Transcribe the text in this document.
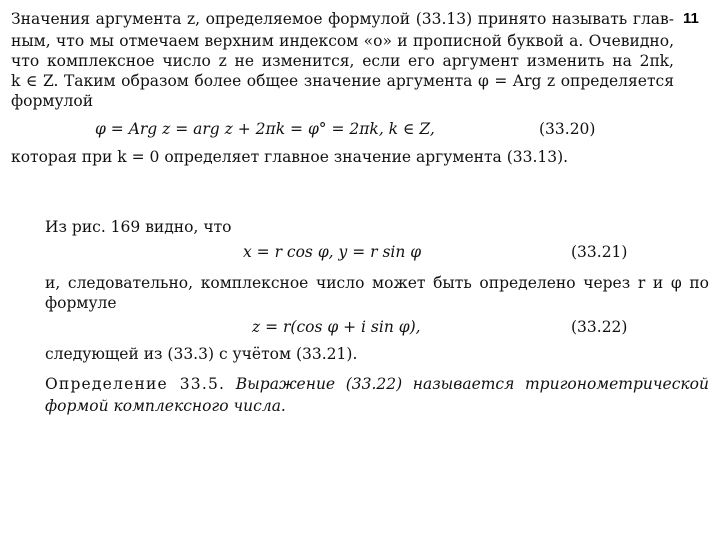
11
Значения аргумента z, определяемое формулой (33.13) принято называть глав-
ным, что мы отмечаем верхним индексом «о» и прописной буквой а. Очевидно,
что комплексное число z не изменится, если его аргумент изменить на 2πk,
k ∈ Z. Таким образом более общее значение аргумента φ = Arg z определяется
формулой
φ = Arg z = arg z + 2πk = φ° = 2πk, k ∈ Z,	(33.20)
которая при k = 0 определяет главное значение аргумента (33.13).
Из рис. 169 видно, что
x = r cos φ, y = r sin φ	(33.21)
и, следовательно, комплексное число может быть определено через r и φ по
формуле
z = r(cos φ + i sin φ),	(33.22)
следующей из (33.3) с учётом (33.21).
Определение 33.5. Выражение (33.22) называется тригонометрической
формой комплексного числа.
